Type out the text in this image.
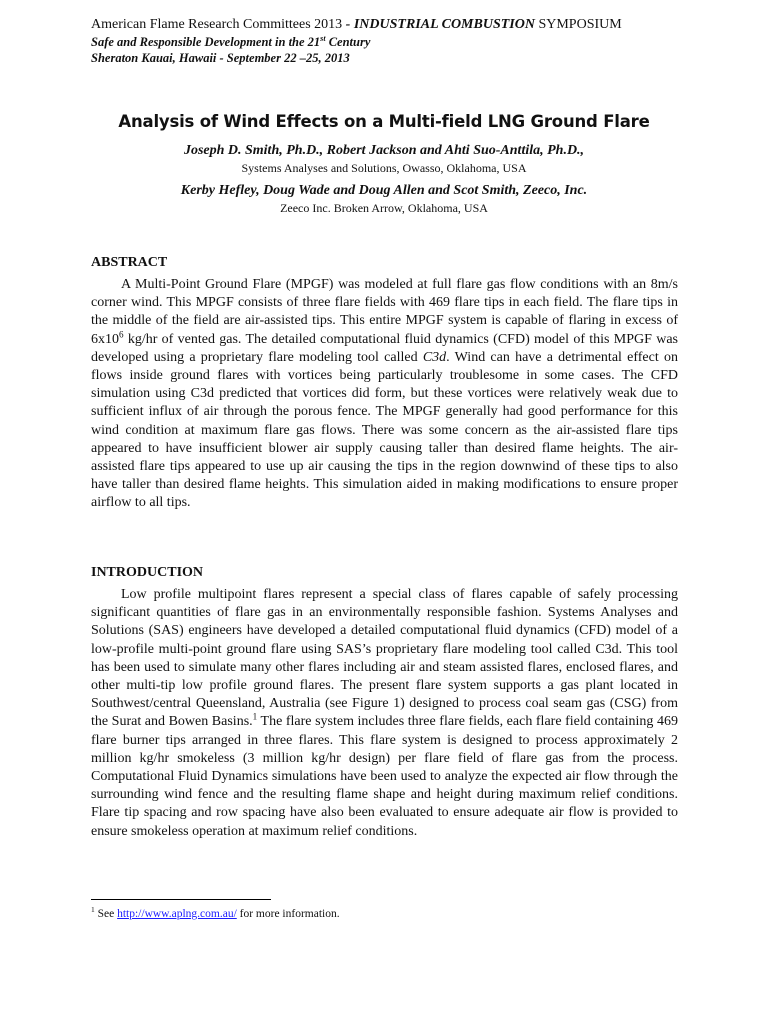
American Flame Research Committees 2013 - INDUSTRIAL COMBUSTION SYMPOSIUM
Safe and Responsible Development in the 21st Century
Sheraton Kauai, Hawaii - September 22 –25, 2013
Analysis of Wind Effects on a Multi-field LNG Ground Flare
Joseph D. Smith, Ph.D., Robert Jackson and Ahti Suo-Anttila, Ph.D.,
Systems Analyses and Solutions, Owasso, Oklahoma, USA
Kerby Hefley, Doug Wade and Doug Allen and Scot Smith, Zeeco, Inc.
Zeeco Inc. Broken Arrow, Oklahoma, USA
ABSTRACT

A Multi-Point Ground Flare (MPGF) was modeled at full flare gas flow conditions with an 8m/s corner wind. This MPGF consists of three flare fields with 469 flare tips in each field. The flare tips in the middle of the field are air-assisted tips. This entire MPGF system is capable of flaring in excess of $6x10^6$ kg/hr of vented gas. The detailed computational fluid dynamics (CFD) model of this MPGF was developed using a proprietary flare modeling tool called C3d. Wind can have a detrimental effect on flows inside ground flares with vortices being particularly troublesome in some cases. The CFD simulation using C3d predicted that vortices did form, but these vortices were relatively weak due to sufficient influx of air through the porous fence. The MPGF generally had good performance for this wind condition at maximum flare gas flows. There was some concern as the air-assisted flare tips appeared to have insufficient blower air supply causing taller than desired flame heights. The air-assisted flare tips appeared to use up air causing the tips in the region downwind of these tips to also have taller than desired flame heights. This simulation aided in making modifications to ensure proper airflow to all tips.

INTRODUCTION

Low profile multipoint flares represent a special class of flares capable of safely processing significant quantities of flare gas in an environmentally responsible fashion. Systems Analyses and Solutions (SAS) engineers have developed a detailed computational fluid dynamics (CFD) model of a low-profile multi-point ground flare using SAS’s proprietary flare modeling tool called C3d. This tool has been used to simulate many other flares including air and steam assisted flares, enclosed flares, and other multi-tip low profile ground flares. The present flare system supports a gas plant located in Southwest/central Queensland, Australia (see Figure 1) designed to process coal seam gas (CSG) from the Surat and Bowen Basins.$^1$ The flare system includes three flare fields, each flare field containing 469 flare burner tips arranged in three flares. This flare system is designed to process approximately 2 million kg/hr smokeless (3 million kg/hr design) per flare field of flare gas from the process. Computational Fluid Dynamics simulations have been used to analyze the expected air flow through the surrounding wind fence and the resulting flame shape and height during maximum relief conditions. Flare tip spacing and row spacing have also been evaluated to ensure adequate air flow is provided to ensure smokeless operation at maximum relief conditions.

$^1$ See http://www.aplng.com.au/ for more information.
